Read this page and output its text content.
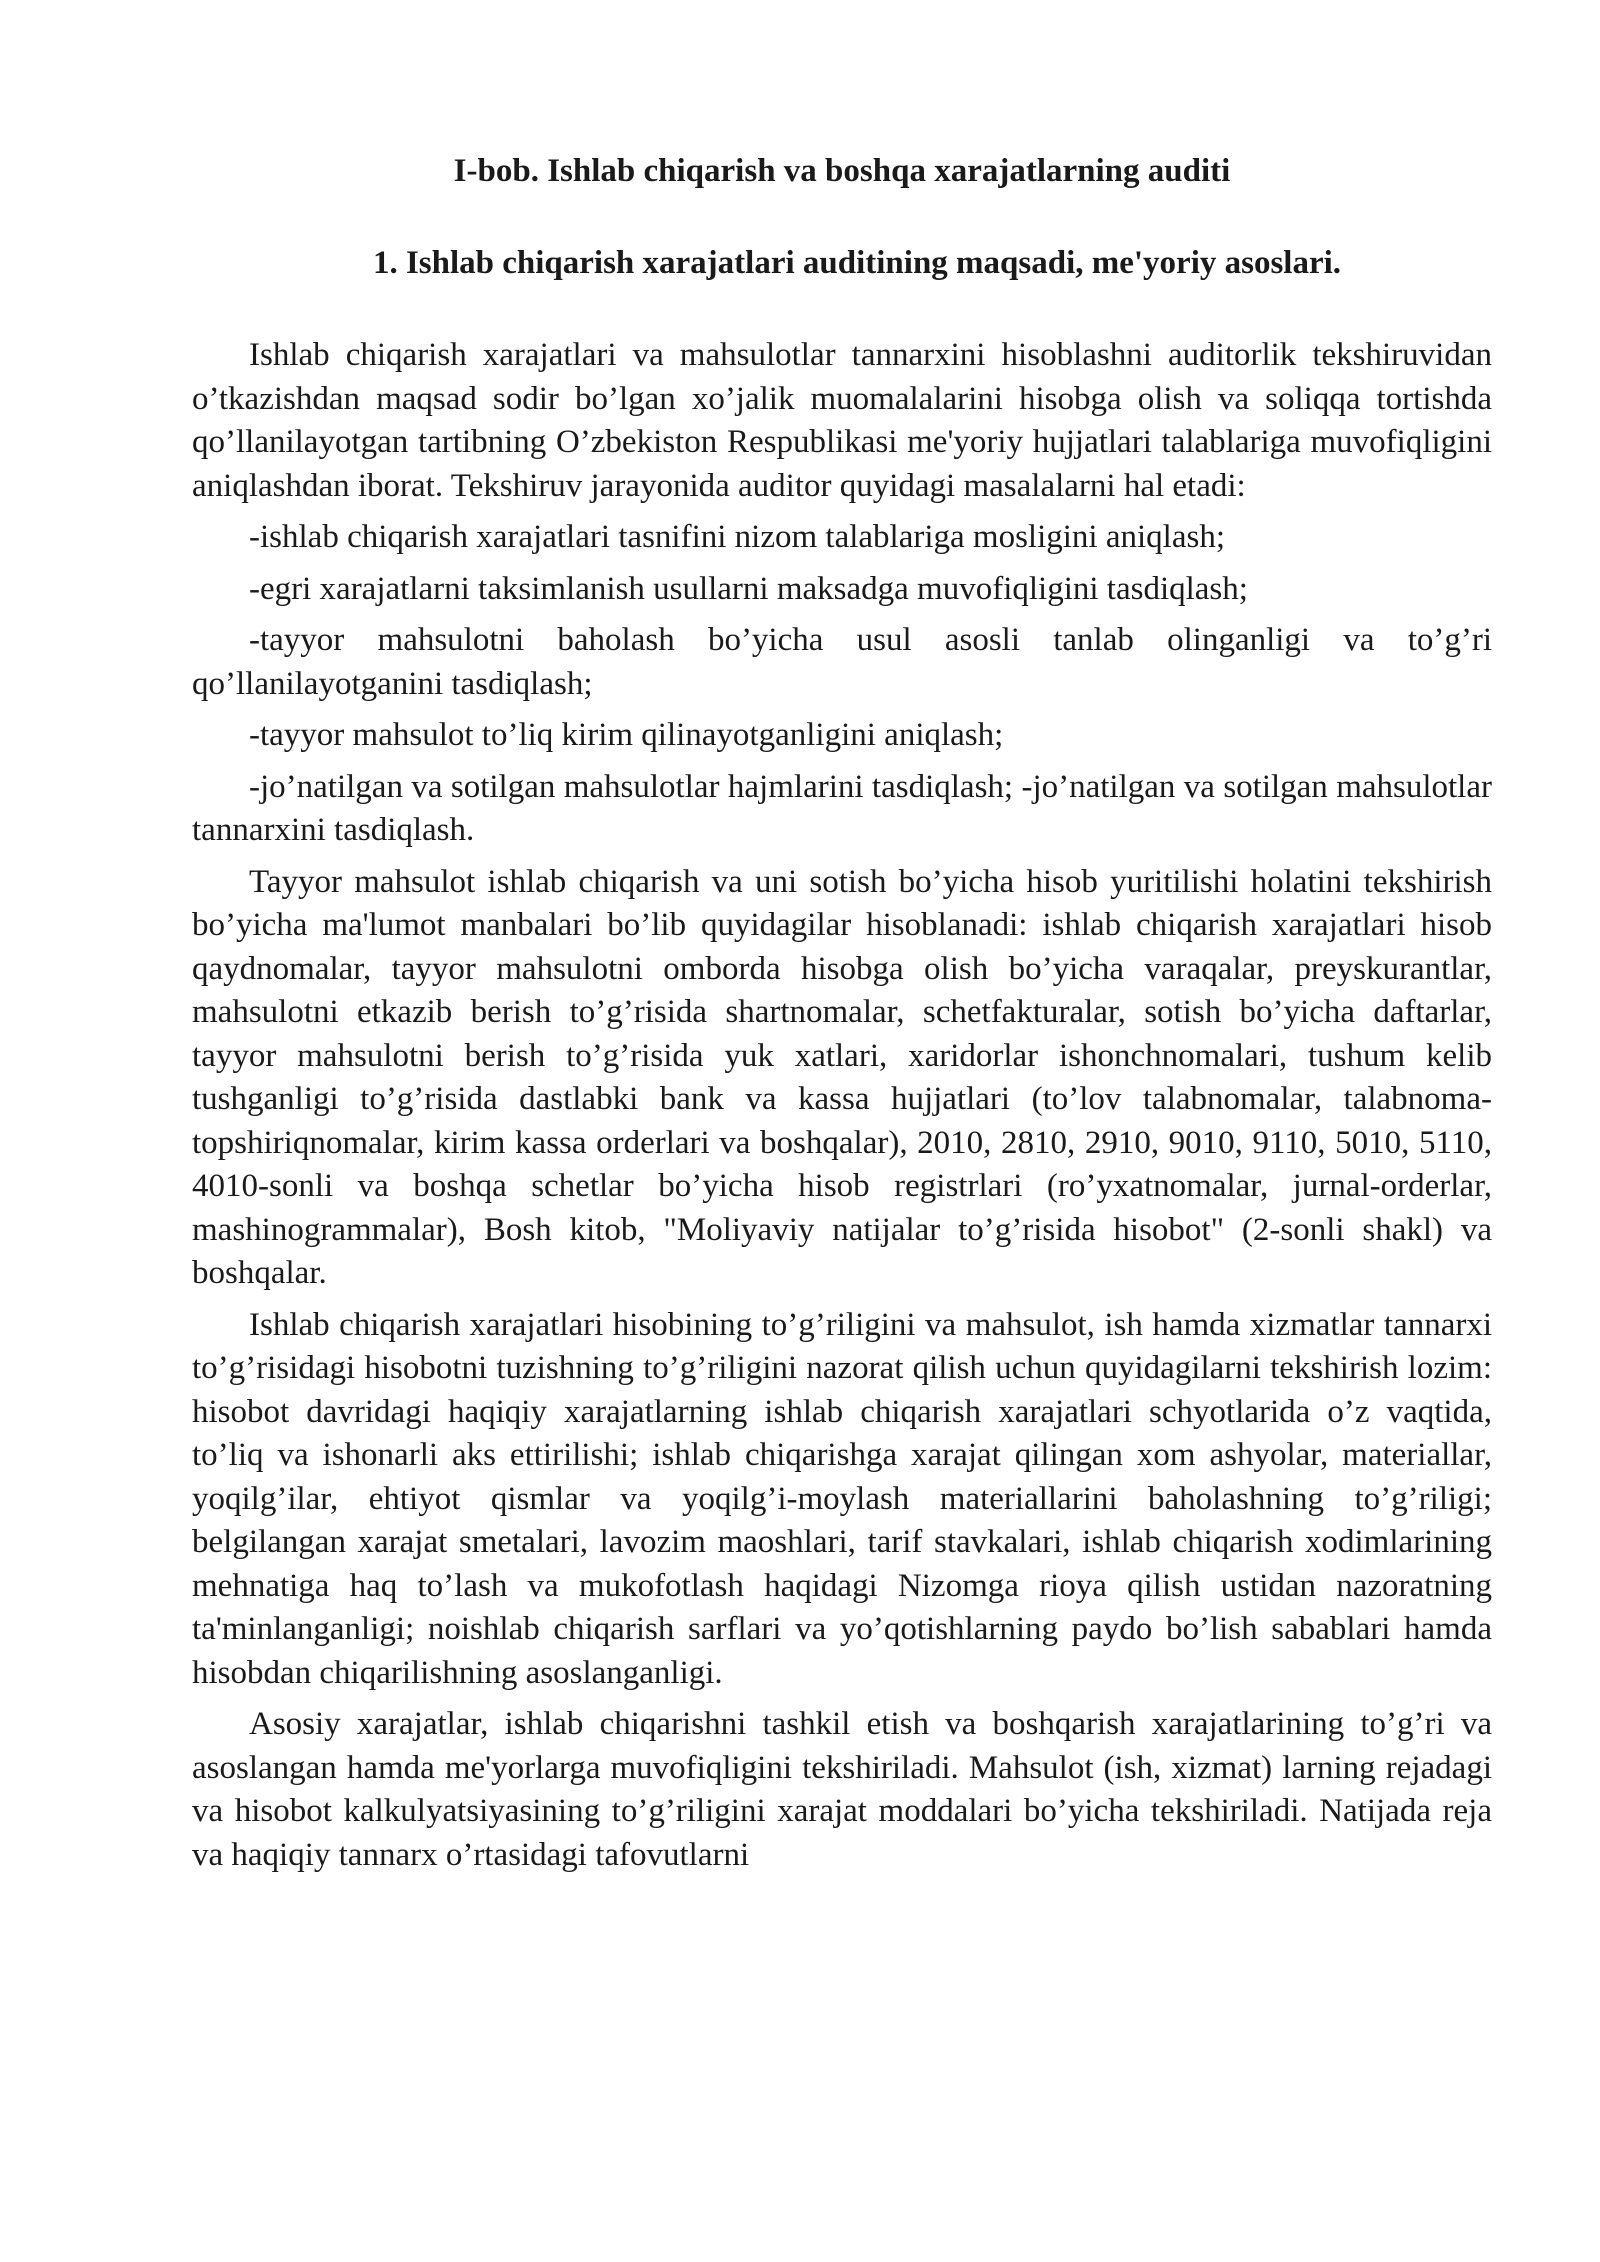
I-bob. Ishlab chiqarish va boshqa xarajatlarning auditi
1. Ishlab chiqarish xarajatlari auditining maqsadi, me'yoriy asoslari.

Ishlab chiqarish xarajatlari va mahsulotlar tannarxini hisoblashni auditorlik tekshiruvidan o’tkazishdan maqsad sodir bo’lgan xo’jalik muomalalarini hisobga olish va soliqqa tortishda qo’llanilayotgan tartibning O’zbekiston Respublikasi me'yoriy hujjatlari talablariga muvofiqligini aniqlashdan iborat. Tekshiruv jarayonida auditor quyidagi masalalarni hal etadi:

-ishlab chiqarish xarajatlari tasnifini nizom talablariga mosligini aniqlash;

-egri xarajatlarni taksimlanish usullarni maksadga muvofiqligini tasdiqlash;

-tayyor mahsulotni baholash bo’yicha usul asosli tanlab olinganligi va to’g’ri qo’llanilayotganini tasdiqlash;

-tayyor mahsulot to’liq kirim qilinayotganligini aniqlash;

-jo’natilgan va sotilgan mahsulotlar hajmlarini tasdiqlash; -jo’natilgan va sotilgan mahsulotlar tannarxini tasdiqlash.

Tayyor mahsulot ishlab chiqarish va uni sotish bo’yicha hisob yuritilishi holatini tekshirish bo’yicha ma'lumot manbalari bo’lib quyidagilar hisoblanadi: ishlab chiqarish xarajatlari hisob qaydnomalar, tayyor mahsulotni omborda hisobga olish bo’yicha varaqalar, preyskurantlar, mahsulotni etkazib berish to’g’risida shartnomalar, schetfakturalar, sotish bo’yicha daftarlar, tayyor mahsulotni berish to’g’risida yuk xatlari, xaridorlar ishonchnomalari, tushum kelib tushganligi to’g’risida dastlabki bank va kassa hujjatlari (to’lov talabnomalar, talabnoma-topshiriqnomalar, kirim kassa orderlari va boshqalar), 2010, 2810, 2910, 9010, 9110, 5010, 5110, 4010-sonli va boshqa schetlar bo’yicha hisob registrlari (ro’yxatnomalar, jurnal-orderlar, mashinogrammalar), Bosh kitob, "Moliyaviy natijalar to’g’risida hisobot" (2-sonli shakl) va boshqalar.

Ishlab chiqarish xarajatlari hisobining to’g’riligini va mahsulot, ish hamda xizmatlar tannarxi to’g’risidagi hisobotni tuzishning to’g’riligini nazorat qilish uchun quyidagilarni tekshirish lozim: hisobot davridagi haqiqiy xarajatlarning ishlab chiqarish xarajatlari schyotlarida o’z vaqtida, to’liq va ishonarli aks ettirilishi; ishlab chiqarishga xarajat qilingan xom ashyolar, materiallar, yoqilg’ilar, ehtiyot qismlar va yoqilg’i-moylash materiallarini baholashning to’g’riligi; belgilangan xarajat smetalari, lavozim maoshlari, tarif stavkalari, ishlab chiqarish xodimlarining mehnatiga haq to’lash va mukofotlash haqidagi Nizomga rioya qilish ustidan nazoratning ta'minlanganligi; noishlab chiqarish sarflari va yo’qotishlarning paydo bo’lish sabablari hamda hisobdan chiqarilishning asoslanganligi.

Asosiy xarajatlar, ishlab chiqarishni tashkil etish va boshqarish xarajatlarining to’g’ri va asoslangan hamda me'yorlarga muvofiqligini tekshiriladi. Mahsulot (ish, xizmat) larning rejadagi va hisobot kalkulyatsiyasining to’g’riligini xarajat moddalari bo’yicha tekshiriladi. Natijada reja va haqiqiy tannarx o’rtasidagi tafovutlarni
